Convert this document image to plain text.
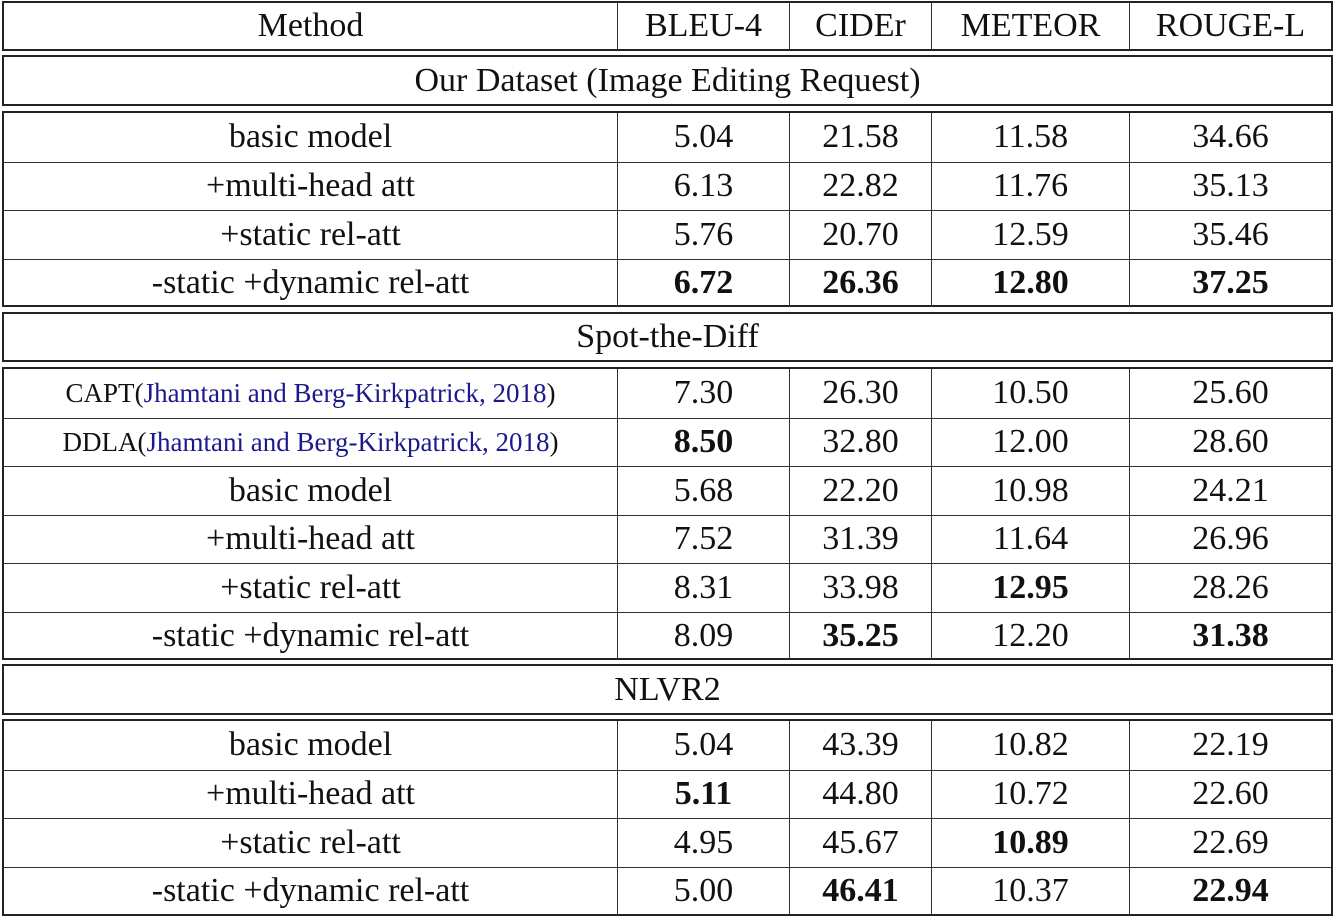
Method	BLEU-4	CIDEr	METEOR	ROUGE-L
Our Dataset (Image Editing Request)
basic model	5.04	21.58	11.58	34.66
+multi-head att	6.13	22.82	11.76	35.13
+static rel-att	5.76	20.70	12.59	35.46
-static +dynamic rel-att	6.72	26.36	12.80	37.25
Spot-the-Diff
CAPT ( Jhamtani and Berg-Kirkpatrick, 2018 )	7.30	26.30	10.50	25.60
DDLA ( Jhamtani and Berg-Kirkpatrick, 2018 )	8.50	32.80	12.00	28.60
basic model	5.68	22.20	10.98	24.21
+multi-head att	7.52	31.39	11.64	26.96
+static rel-att	8.31	33.98	12.95	28.26
-static +dynamic rel-att	8.09	35.25	12.20	31.38
NLVR2
basic model	5.04	43.39	10.82	22.19
+multi-head att	5.11	44.80	10.72	22.60
+static rel-att	4.95	45.67	10.89	22.69
-static +dynamic rel-att	5.00	46.41	10.37	22.94
